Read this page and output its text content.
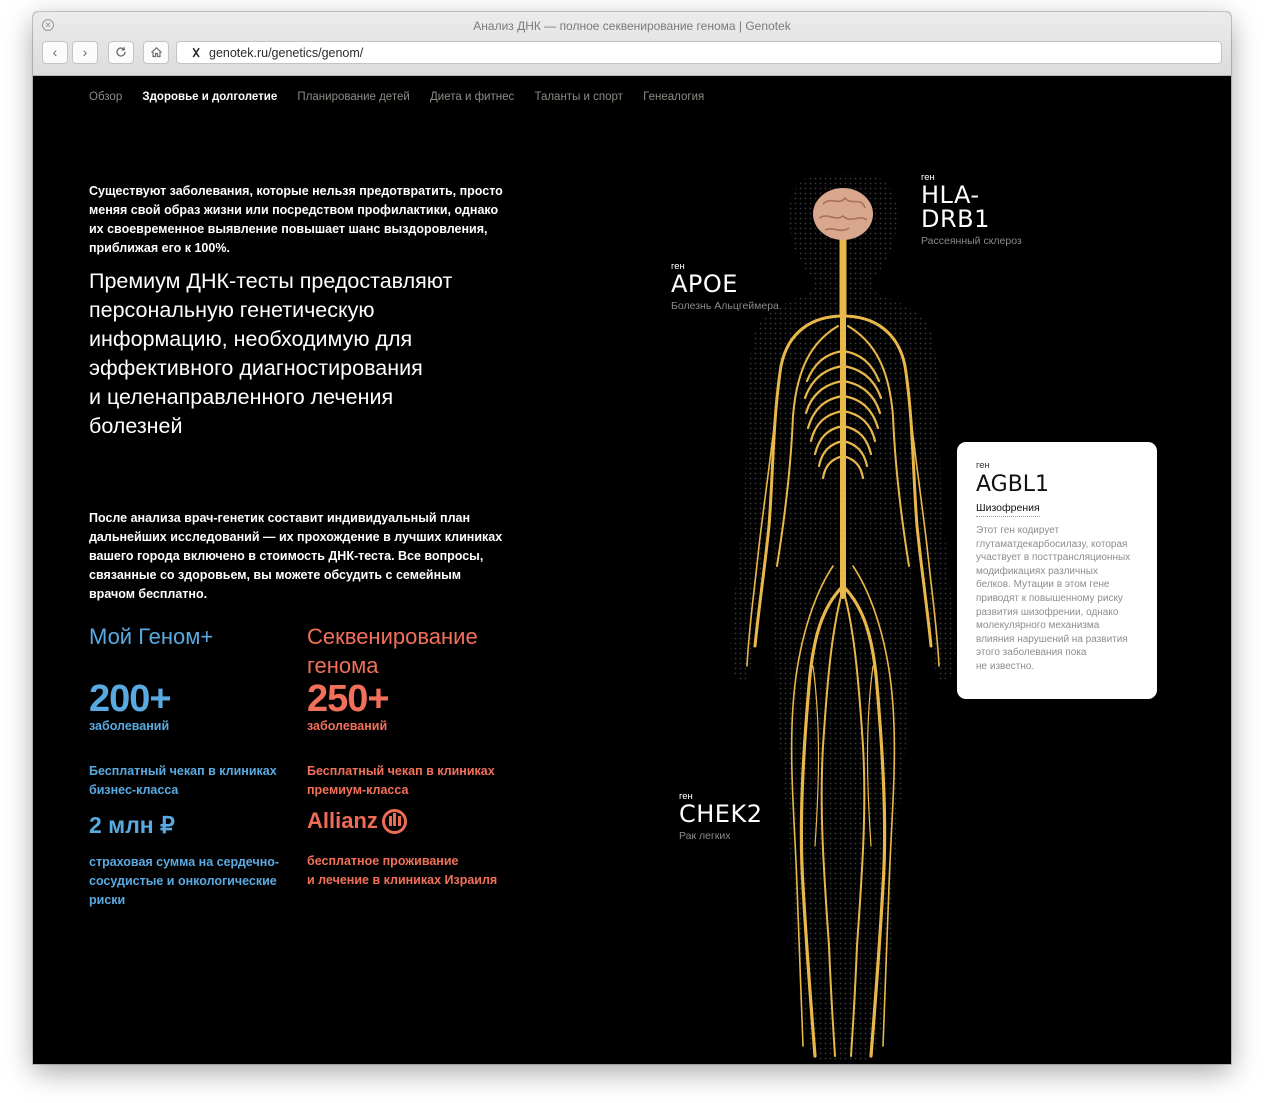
×	Анализ ДНК — полное секвенирование генома | Genotek
‹	›	𐌗 genotek.ru/genetics/genom/
Обзор Здоровье и долголетие Планирование детей Диета и фитнес Таланты и спорт Генеалогия
Существуют заболевания, которые нельзя предотвратить, просто
меняя свой образ жизни или посредством профилактики, однако
их своевременное выявление повышает шанс выздоровления,
приближая его к 100%.
Премиум ДНК-тесты предоставляют
персональную генетическую
информацию, необходимую для
эффективного диагностирования
и целенаправленного лечения
болезней
После анализа врач-генетик составит индивидуальный план
дальнейших исследований — их прохождение в лучших клиниках
вашего города включено в стоимость ДНК-теста. Все вопросы,
связанные со здоровьем, вы можете обсудить с семейным
врачом бесплатно.
Мой Геном+
200+
заболеваний
Бесплатный чекап в клиниках
бизнес-класса
2 млн ₽
страховая сумма на сердечно-
сосудистые и онкологические
риски
Секвенирование
генома
250+
заболеваний
Бесплатный чекап в клиниках
премиум-класса
Allianz
бесплатное проживание
и лечение в клиниках Израиля
ген
HLA-
DRB1
Рассеянный склероз
ген
APOE
Болезнь Альцгеймера
ген
CHEK2
Рак легких
ген
AGBL1
Шизофрения
Этот ген кодирует
глутаматдекарбосилазу, которая
участвует в посттрансляционных
модификациях различных
белков. Мутации в этом гене
приводят к повышенному риску
развития шизофрении, однако
молекулярного механизма
влияния нарушений на развития
этого заболевания пока
не известно.
